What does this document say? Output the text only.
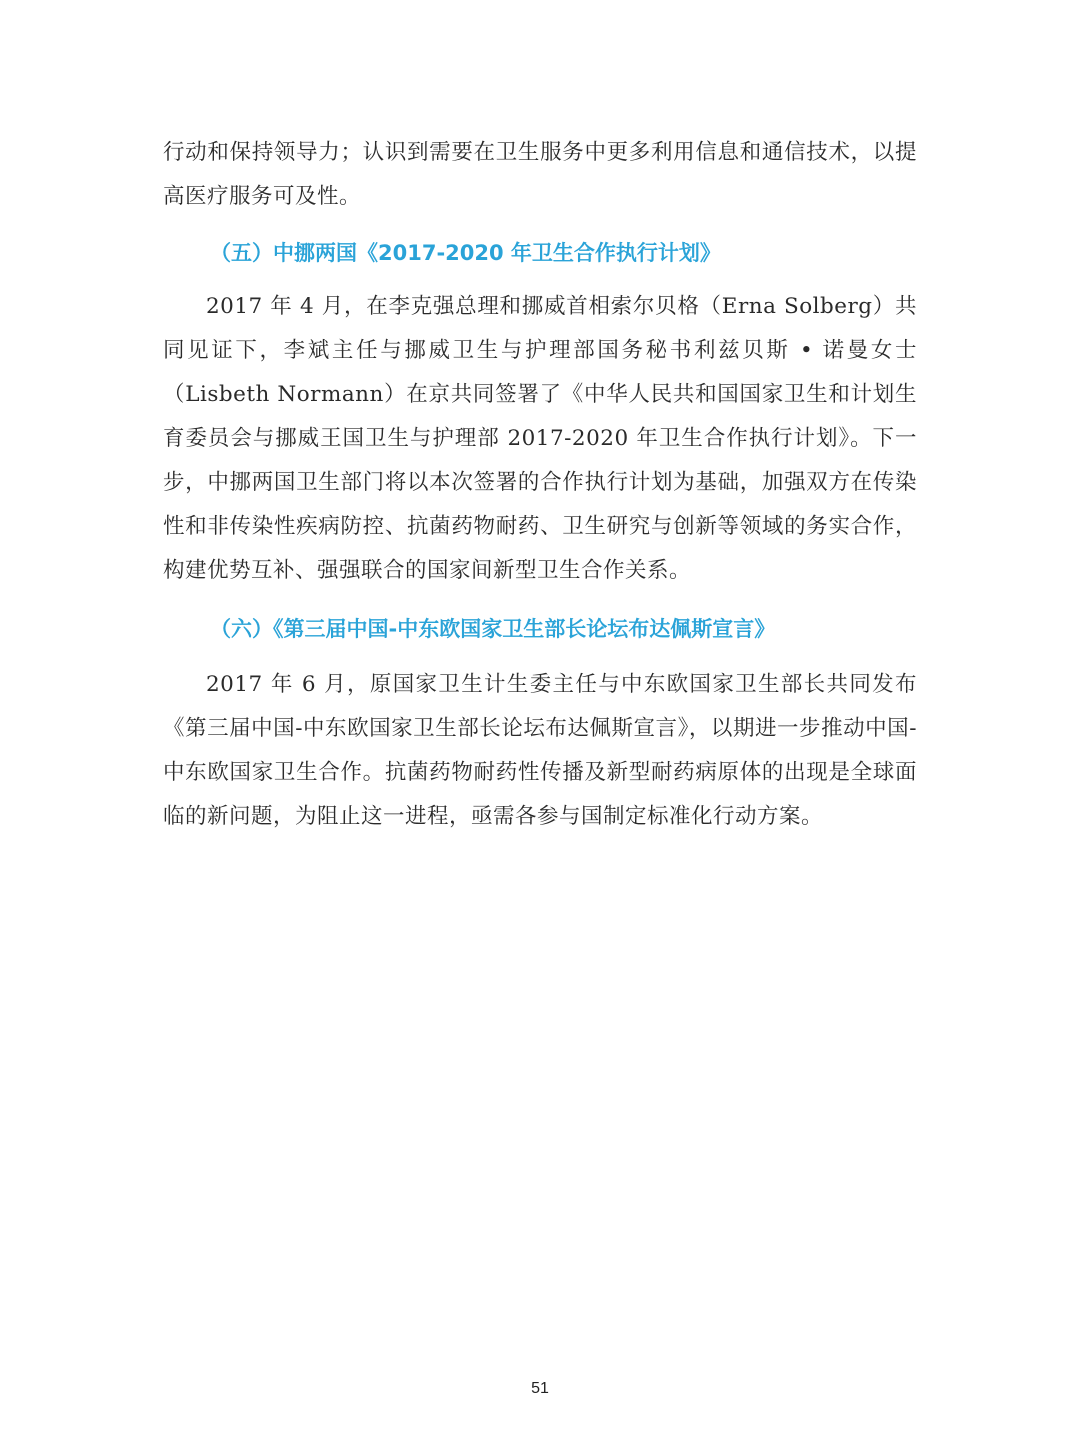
行动和保持领导力；认识到需要在卫生服务中更多利用信息和通信技术，以提高医疗服务可及性。

（五）中挪两国《2017-2020 年卫生合作执行计划》

2017 年 4 月，在李克强总理和挪威首相索尔贝格（Erna Solberg）共同见证下，李斌主任与挪威卫生与护理部国务秘书利兹贝斯 • 诺曼女士（Lisbeth Normann）在京共同签署了《中华人民共和国国家卫生和计划生育委员会与挪威王国卫生与护理部 2017-2020 年卫生合作执行计划》。下一步，中挪两国卫生部门将以本次签署的合作执行计划为基础，加强双方在传染性和非传染性疾病防控、抗菌药物耐药、卫生研究与创新等领域的务实合作，构建优势互补、强强联合的国家间新型卫生合作关系。

（六）《第三届中国-中东欧国家卫生部长论坛布达佩斯宣言》

2017 年 6 月，原国家卫生计生委主任与中东欧国家卫生部长共同发布《第三届中国-中东欧国家卫生部长论坛布达佩斯宣言》，以期进一步推动中国-中东欧国家卫生合作。抗菌药物耐药性传播及新型耐药病原体的出现是全球面临的新问题，为阻止这一进程，亟需各参与国制定标准化行动方案。

51
